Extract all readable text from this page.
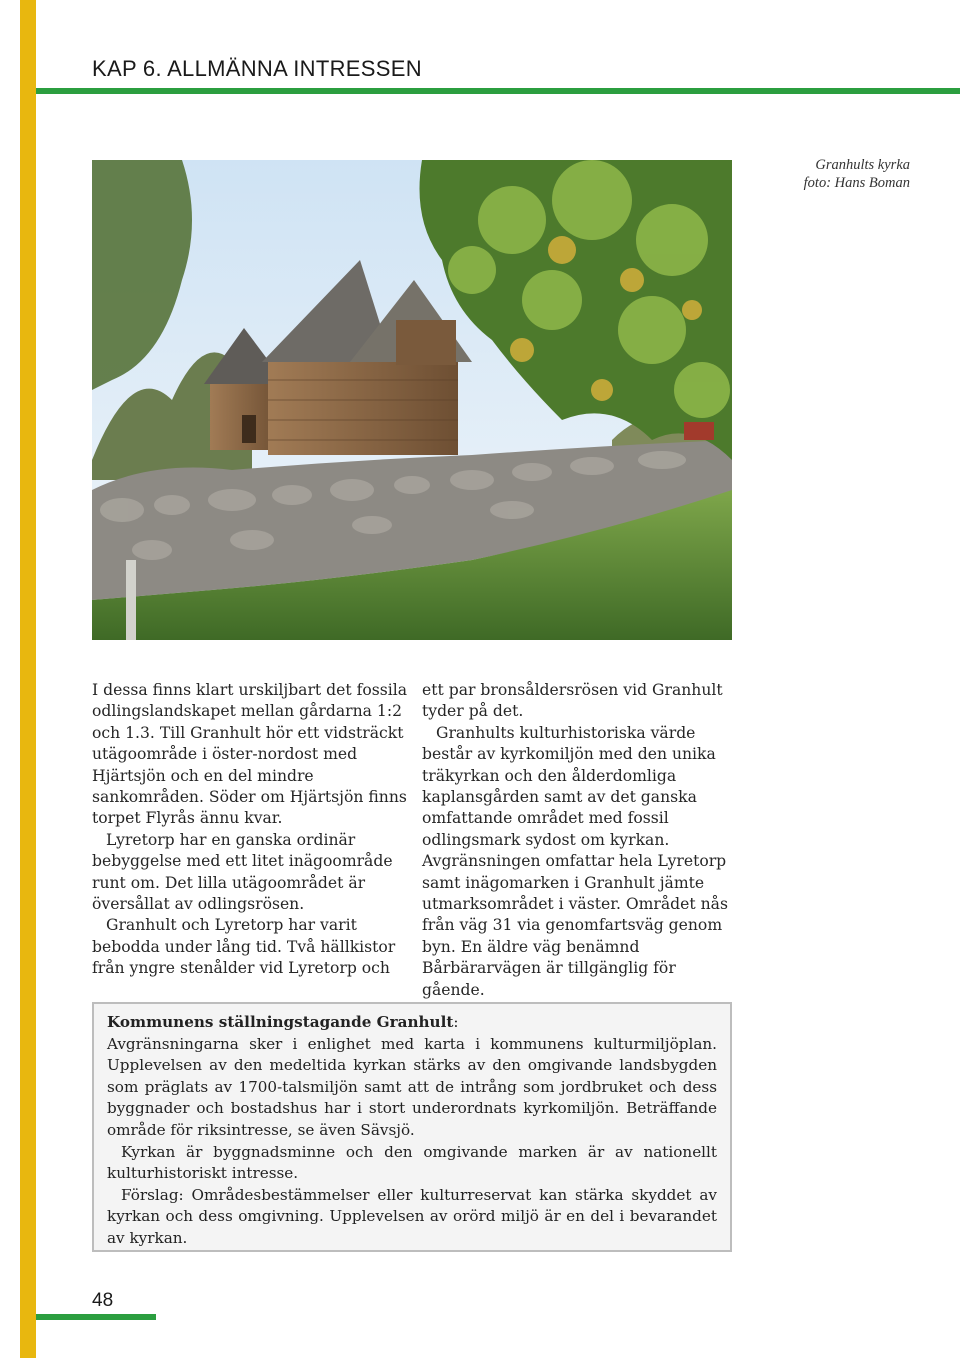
KAP 6. ALLMÄNNA INTRESSEN
Granhults kyrka
foto: Hans Boman

I dessa finns klart urskiljbart det fossila odlingslandskapet mellan gårdarna 1:2 och 1.3. Till Granhult hör ett vidsträckt utägoområde i öster-nordost med Hjärtsjön och en del mindre sankområden. Söder om Hjärtsjön finns torpet Flyrås ännu kvar.

Lyretorp har en ganska ordinär bebyggelse med ett litet inägoområde runt om. Det lilla utägoområdet är översållat av odlingsrösen.

Granhult och Lyretorp har varit bebodda under lång tid. Två hällkistor från yngre stenålder vid Lyretorp och

ett par bronsåldersrösen vid Granhult tyder på det.

Granhults kulturhistoriska värde består av kyrkomiljön med den unika träkyrkan och den ålderdomliga kaplansgården samt av det ganska omfattande området med fossil odlingsmark sydost om kyrkan. Avgränsningen omfattar hela Lyretorp samt inägomarken i Granhult jämte utmarksområdet i väster. Området nås från väg 31 via genomfartsväg genom byn. En äldre väg benämnd Bårbärarvägen är tillgänglig för gående.

Kommunens ställningstagande Granhult:

Avgränsningarna sker i enlighet med karta i kommunens kulturmiljöplan. Upplevelsen av den medeltida kyrkan stärks av den omgivande landsbygden som präglats av 1700-talsmiljön samt att de intrång som jordbruket och dess byggnader och bostadshus har i stort underordnats kyrkomiljön. Beträffande område för riksintresse, se även Sävsjö.

Kyrkan är byggnadsminne och den omgivande marken är av nationellt kulturhistoriskt intresse.

Förslag: Områdesbestämmelser eller kulturreservat kan stärka skyddet av kyrkan och dess omgivning. Upplevelsen av orörd miljö är en del i bevarandet av kyrkan.

48
